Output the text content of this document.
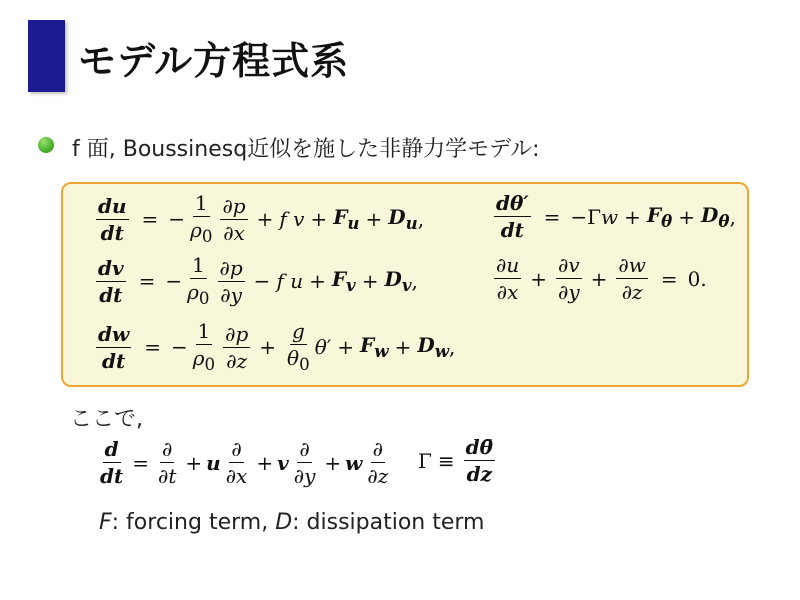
モデル方程式系
f 面, Boussinesq近似を施した非静力学モデル:
$\frac{du}{dt}$ = − $\frac{1}{\rho_0} \frac{\partial p}{\partial x} + f$ $v + F_u + D_u$ ,
$\frac{dv}{dt}$ = − $\frac{1}{\rho_0} \frac{\partial p}{\partial y} - f$ $u + F_v + D_v$ ,
$\frac{dw}{dt}$ = − $\frac{1}{\rho_0} \frac{\partial p}{\partial z} + \frac{g}{\theta_0} \theta' + F_w + D_w$ ,
$\frac{d\theta'}{dt} = -\Gamma w + F_\theta + D_\theta$ ,
$\frac{\partial u}{\partial x} + \frac{\partial v}{\partial y} + \frac{\partial w}{\partial z} = 0$.
ここで,
$\frac{d}{dt} = \frac{\partial}{\partial t} + u \frac{\partial}{\partial x} + v \frac{\partial}{\partial y} + w \frac{\partial}{\partial z}$ $\Gamma \equiv \frac{d\thetā}{dz}$
F: forcing term, D: dissipation term
